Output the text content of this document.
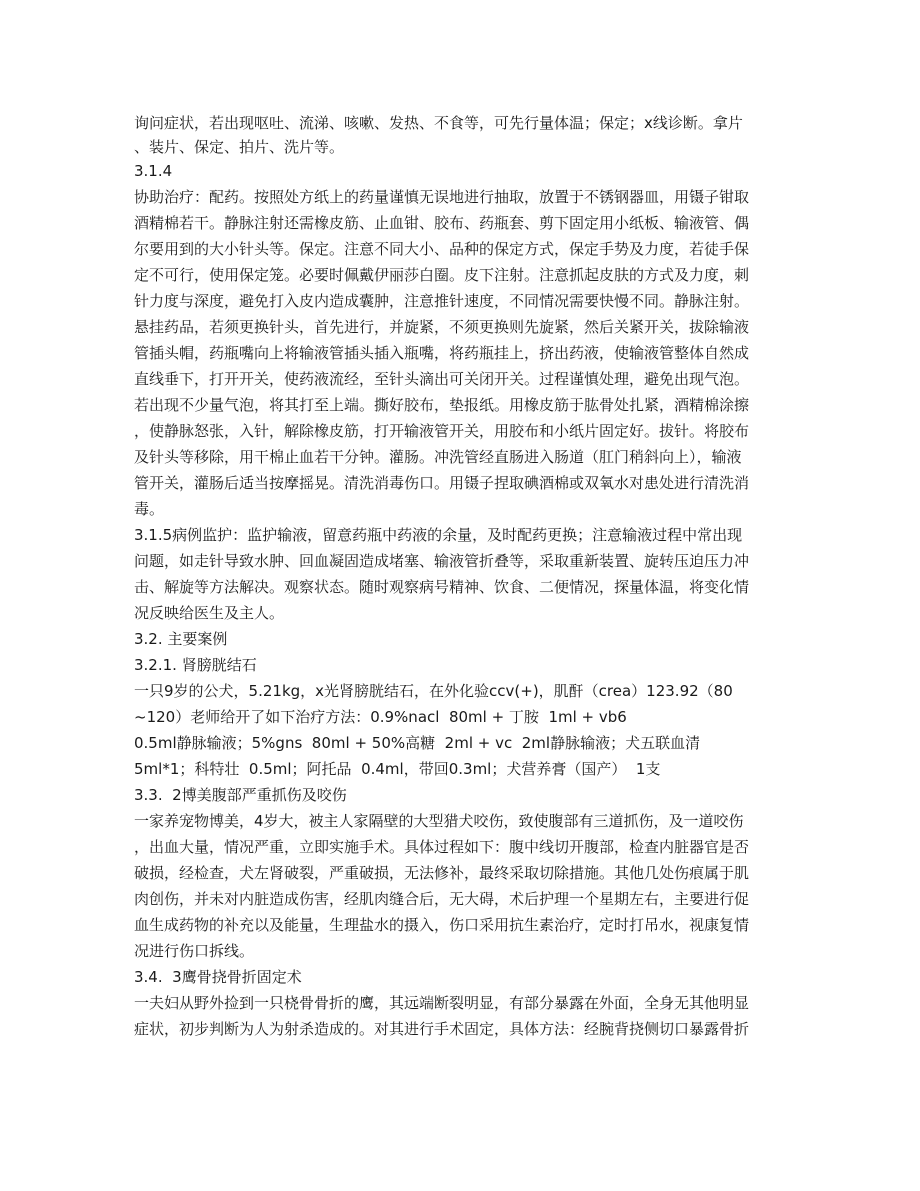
询问症状，若出现呕吐、流涕、咳嗽、发热、不食等，可先行量体温；保定；x线诊断。拿片
、装片、保定、拍片、洗片等。
3.1.4
协助治疗：配药。按照处方纸上的药量谨慎无误地进行抽取，放置于不锈钢器皿，用镊子钳取
酒精棉若干。静脉注射还需橡皮筋、止血钳、胶布、药瓶套、剪下固定用小纸板、输液管、偶
尔要用到的大小针头等。保定。注意不同大小、品种的保定方式，保定手势及力度，若徒手保
定不可行，使用保定笼。必要时佩戴伊丽莎白圈。皮下注射。注意抓起皮肤的方式及力度，刺
针力度与深度，避免打入皮内造成囊肿，注意推针速度，不同情况需要快慢不同。静脉注射。
悬挂药品，若须更换针头，首先进行，并旋紧，不须更换则先旋紧，然后关紧开关，拔除输液
管插头帽，药瓶嘴向上将输液管插头插入瓶嘴，将药瓶挂上，挤出药液，使输液管整体自然成
直线垂下，打开开关，使药液流经，至针头滴出可关闭开关。过程谨慎处理，避免出现气泡。
若出现不少量气泡，将其打至上端。撕好胶布，垫报纸。用橡皮筋于肱骨处扎紧，酒精棉涂擦
，使静脉怒张，入针，解除橡皮筋，打开输液管开关，用胶布和小纸片固定好。拔针。将胶布
及针头等移除，用干棉止血若干分钟。灌肠。冲洗管经直肠进入肠道（肛门稍斜向上），输液
管开关，灌肠后适当按摩摇晃。清洗消毒伤口。用镊子捏取碘酒棉或双氧水对患处进行清洗消
毒。
3.1.5病例监护：监护输液，留意药瓶中药液的余量，及时配药更换；注意输液过程中常出现
问题，如走针导致水肿、回血凝固造成堵塞、输液管折叠等，采取重新装置、旋转压迫压力冲
击、解旋等方法解决。观察状态。随时观察病号精神、饮食、二便情况，探量体温，将变化情
况反映给医生及主人。
3.2. 主要案例
3.2.1. 肾膀胱结石
一只9岁的公犬，5.21kg，x光肾膀胱结石，在外化验ccv(+)，肌酐（crea）123.92（80
~120）老师给开了如下治疗方法：0.9%nacl  80ml + 丁胺  1ml + vb6
0.5ml静脉输液；5%gns  80ml + 50%高糖  2ml + vc  2ml静脉输液；犬五联血清
5ml*1；科特壮  0.5ml；阿托品  0.4ml，带回0.3ml；犬营养膏（国产）  1支
3.3.  2博美腹部严重抓伤及咬伤
一家养宠物博美，4岁大，被主人家隔壁的大型猎犬咬伤，致使腹部有三道抓伤，及一道咬伤
，出血大量，情况严重，立即实施手术。具体过程如下：腹中线切开腹部，检查内脏器官是否
破损，经检查，犬左肾破裂，严重破损，无法修补，最终采取切除措施。其他几处伤痕属于肌
肉创伤，并未对内脏造成伤害，经肌肉缝合后，无大碍，术后护理一个星期左右，主要进行促
血生成药物的补充以及能量，生理盐水的摄入，伤口采用抗生素治疗，定时打吊水，视康复情
况进行伤口拆线。
3.4.  3鹰骨挠骨折固定术
一夫妇从野外捡到一只桡骨骨折的鹰，其远端断裂明显，有部分暴露在外面，全身无其他明显
症状，初步判断为人为射杀造成的。对其进行手术固定，具体方法：经腕背挠侧切口暴露骨折
